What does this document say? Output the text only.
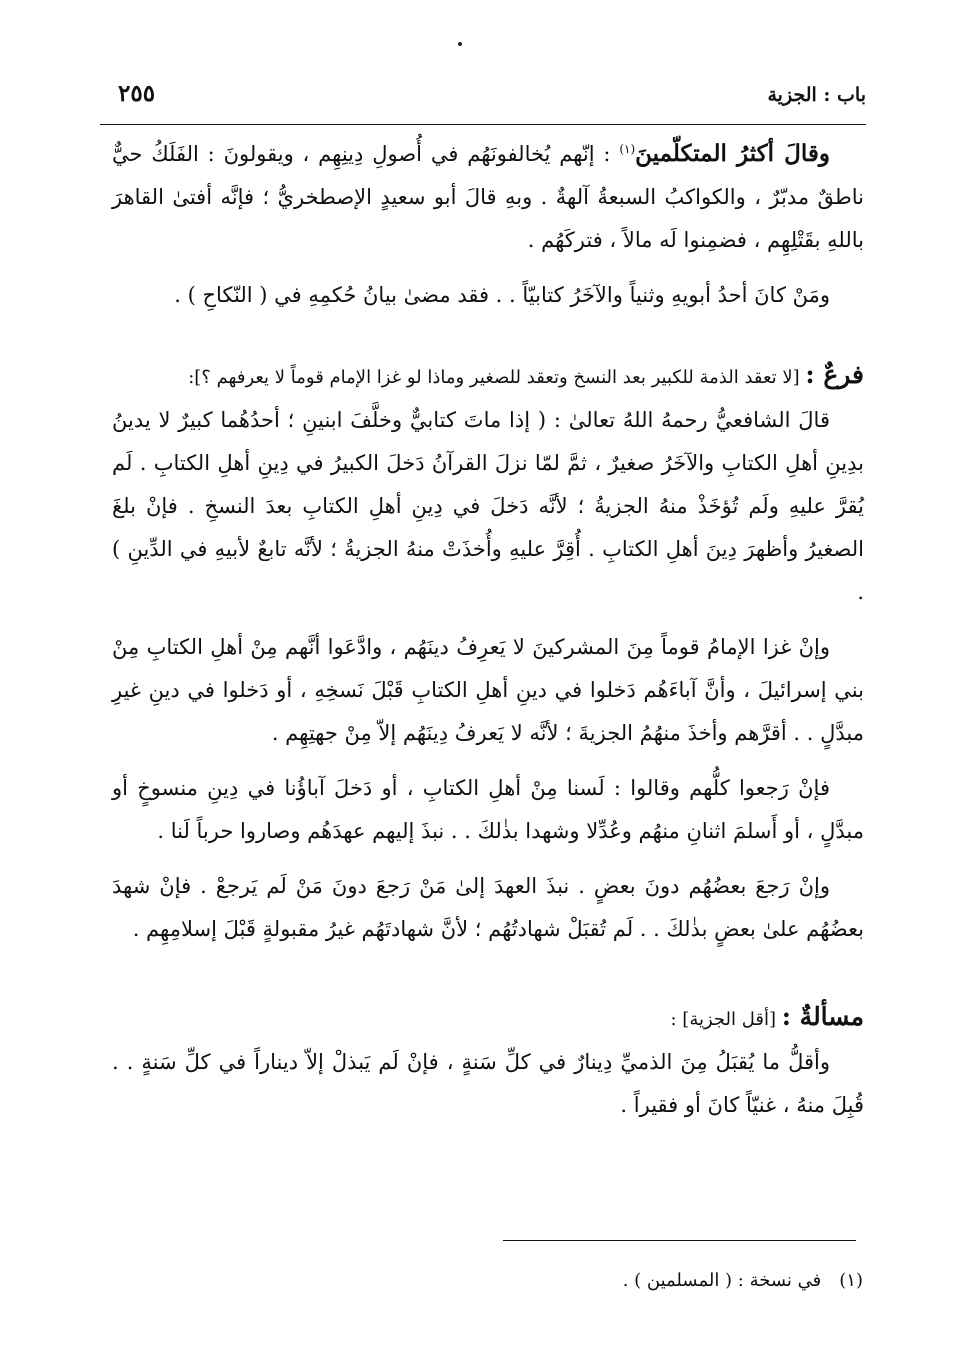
باب : الجزية
٢٥٥

وقالَ أكثرُ المتكلّمينَ$^{(١)}$ : إنّهم يُخالفونَهُم في أُصولِ دِينِهِم ، ويقولونَ : الفَلَكُ حيٌّ ناطقٌ مدبّرٌ ، والكواكبُ السبعةُ آلهةٌ . وبهِ قالَ أبو سعيدٍ الإصطخريُّ ؛ فإنَّه أفتىٰ القاهرَ باللهِ بقَتْلِهِم ، فضمِنوا لَه مالاً ، فتركَهُم .

ومَنْ كانَ أحدُ أبويهِ وثنياً والآخَرُ كتابيّاً . . فقد مضىٰ بيانُ حُكمِهِ في ( النّكاحِ ) .

فرعٌ : [لا تعقد الذمة للكبير بعد النسخ وتعقد للصغير وماذا لو غزا الإمام قوماً لا يعرفهم ؟]:

قالَ الشافعيُّ رحمهُ اللهُ تعالىٰ : ( إذا ماتَ كتابيٌّ وخلَّفَ ابنينِ ؛ أحدُهُما كبيرٌ لا يدينُ بدِينِ أهلِ الكتابِ والآخَرُ صغيرٌ ، ثمَّ لمّا نزلَ القرآنُ دَخلَ الكبيرُ في دِينِ أهلِ الكتابِ . لَم يُقرَّ عليهِ ولَم تُؤخَذْ منهُ الجزيةُ ؛ لأنَّه دَخلَ في دِينِ أهلِ الكتابِ بعدَ النسخِ . فإنْ بلغَ الصغيرُ وأظهرَ دِينَ أهلِ الكتابِ . أُقِرَّ عليهِ وأُخذَتْ منهُ الجزيةُ ؛ لأنَّه تابعٌ لأبيهِ في الدِّينِ ) .

وإنْ غزا الإمامُ قوماً مِنَ المشركينَ لا يَعرِفُ دينَهُم ، وادَّعَوا أنَّهم مِنْ أهلِ الكتابِ مِنْ بني إسرائيلَ ، وأنَّ آباءَهُم دَخلوا في دينِ أهلِ الكتابِ قَبْلَ نَسخِهِ ، أو دَخلوا في دينِ غيرِ مبدَّلٍ . . أقرَّهم وأخذَ منهُمُ الجزيةَ ؛ لأنَّه لا يَعرفُ دِينَهُم إلاّ مِنْ جهتِهِم .

فإنْ رَجعوا كلُّهم وقالوا : لَسنا مِنْ أهلِ الكتابِ ، أو دَخلَ آباؤُنا في دِينِ منسوخٍ أو مبدَّلٍ ، أو أَسلمَ اثنانِ منهُم وعُدِّلا وشهدا بذٰلكَ . . نبذَ إليهم عهدَهُم وصاروا حرباً لَنا .

وإنْ رَجعَ بعضُهُم دونَ بعضٍ . نبذَ العهدَ إلىٰ مَنْ رَجعَ دونَ مَنْ لَم يَرجعْ . فإنْ شهدَ بعضُهُم علىٰ بعضٍ بذٰلكَ . . لَم تُقبَلْ شهادتُهُم ؛ لأنَّ شهادتَهُم غيرُ مقبولةٍ قَبْلَ إسلامِهِم .

مسألةٌ : [أقل الجزية] :

وأقلُّ ما يُقبَلُ مِنَ الذميِّ دِينارٌ في كلِّ سَنةٍ ، فإنْ لَم يَبذلْ إلاّ ديناراً في كلِّ سَنةٍ . . قُبِلَ منهُ ، غنيّاً كانَ أو فقيراً .

(١)في نسخة : ( المسلمين ) .
